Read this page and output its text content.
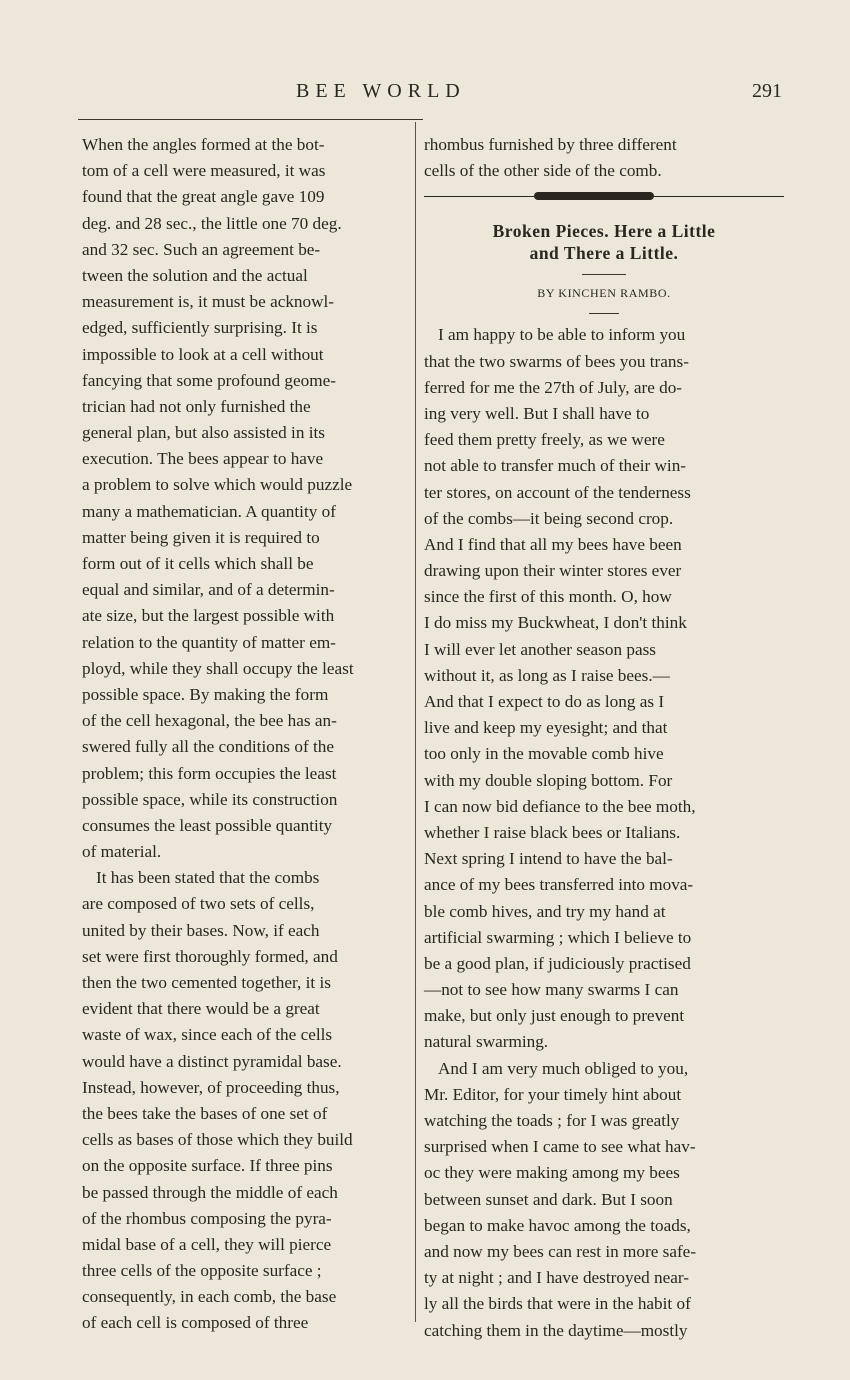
BEE WORLD	291
When the angles formed at the bot-
tom of a cell were measured, it was
found that the great angle gave 109
deg. and 28 sec., the little one 70 deg.
and 32 sec. Such an agreement be-
tween the solution and the actual
measurement is, it must be acknowl-
edged, sufficiently surprising. It is
impossible to look at a cell without
fancying that some profound geome-
trician had not only furnished the
general plan, but also assisted in its
execution. The bees appear to have
a problem to solve which would puzzle
many a mathematician. A quantity of
matter being given it is required to
form out of it cells which shall be
equal and similar, and of a determin-
ate size, but the largest possible with
relation to the quantity of matter em-
ployd, while they shall occupy the least
possible space. By making the form
of the cell hexagonal, the bee has an-
swered fully all the conditions of the
problem; this form occupies the least
possible space, while its construction
consumes the least possible quantity
of material.
It has been stated that the combs
are composed of two sets of cells,
united by their bases. Now, if each
set were first thoroughly formed, and
then the two cemented together, it is
evident that there would be a great
waste of wax, since each of the cells
would have a distinct pyramidal base.
Instead, however, of proceeding thus,
the bees take the bases of one set of
cells as bases of those which they build
on the opposite surface. If three pins
be passed through the middle of each
of the rhombus composing the pyra-
midal base of a cell, they will pierce
three cells of the opposite surface ;
consequently, in each comb, the base
of each cell is composed of three
rhombus furnished by three different
cells of the other side of the comb.
Broken Pieces. Here a Little
and There a Little.
BY KINCHEN RAMBO.
I am happy to be able to inform you
that the two swarms of bees you trans-
ferred for me the 27th of July, are do-
ing very well. But I shall have to
feed them pretty freely, as we were
not able to transfer much of their win-
ter stores, on account of the tenderness
of the combs—it being second crop.
And I find that all my bees have been
drawing upon their winter stores ever
since the first of this month. O, how
I do miss my Buckwheat, I don't think
I will ever let another season pass
without it, as long as I raise bees.—
And that I expect to do as long as I
live and keep my eyesight; and that
too only in the movable comb hive
with my double sloping bottom. For
I can now bid defiance to the bee moth,
whether I raise black bees or Italians.
Next spring I intend to have the bal-
ance of my bees transferred into mova-
ble comb hives, and try my hand at
artificial swarming ; which I believe to
be a good plan, if judiciously practised
—not to see how many swarms I can
make, but only just enough to prevent
natural swarming.
And I am very much obliged to you,
Mr. Editor, for your timely hint about
watching the toads ; for I was greatly
surprised when I came to see what hav-
oc they were making among my bees
between sunset and dark. But I soon
began to make havoc among the toads,
and now my bees can rest in more safe-
ty at night ; and I have destroyed near-
ly all the birds that were in the habit of
catching them in the daytime—mostly
